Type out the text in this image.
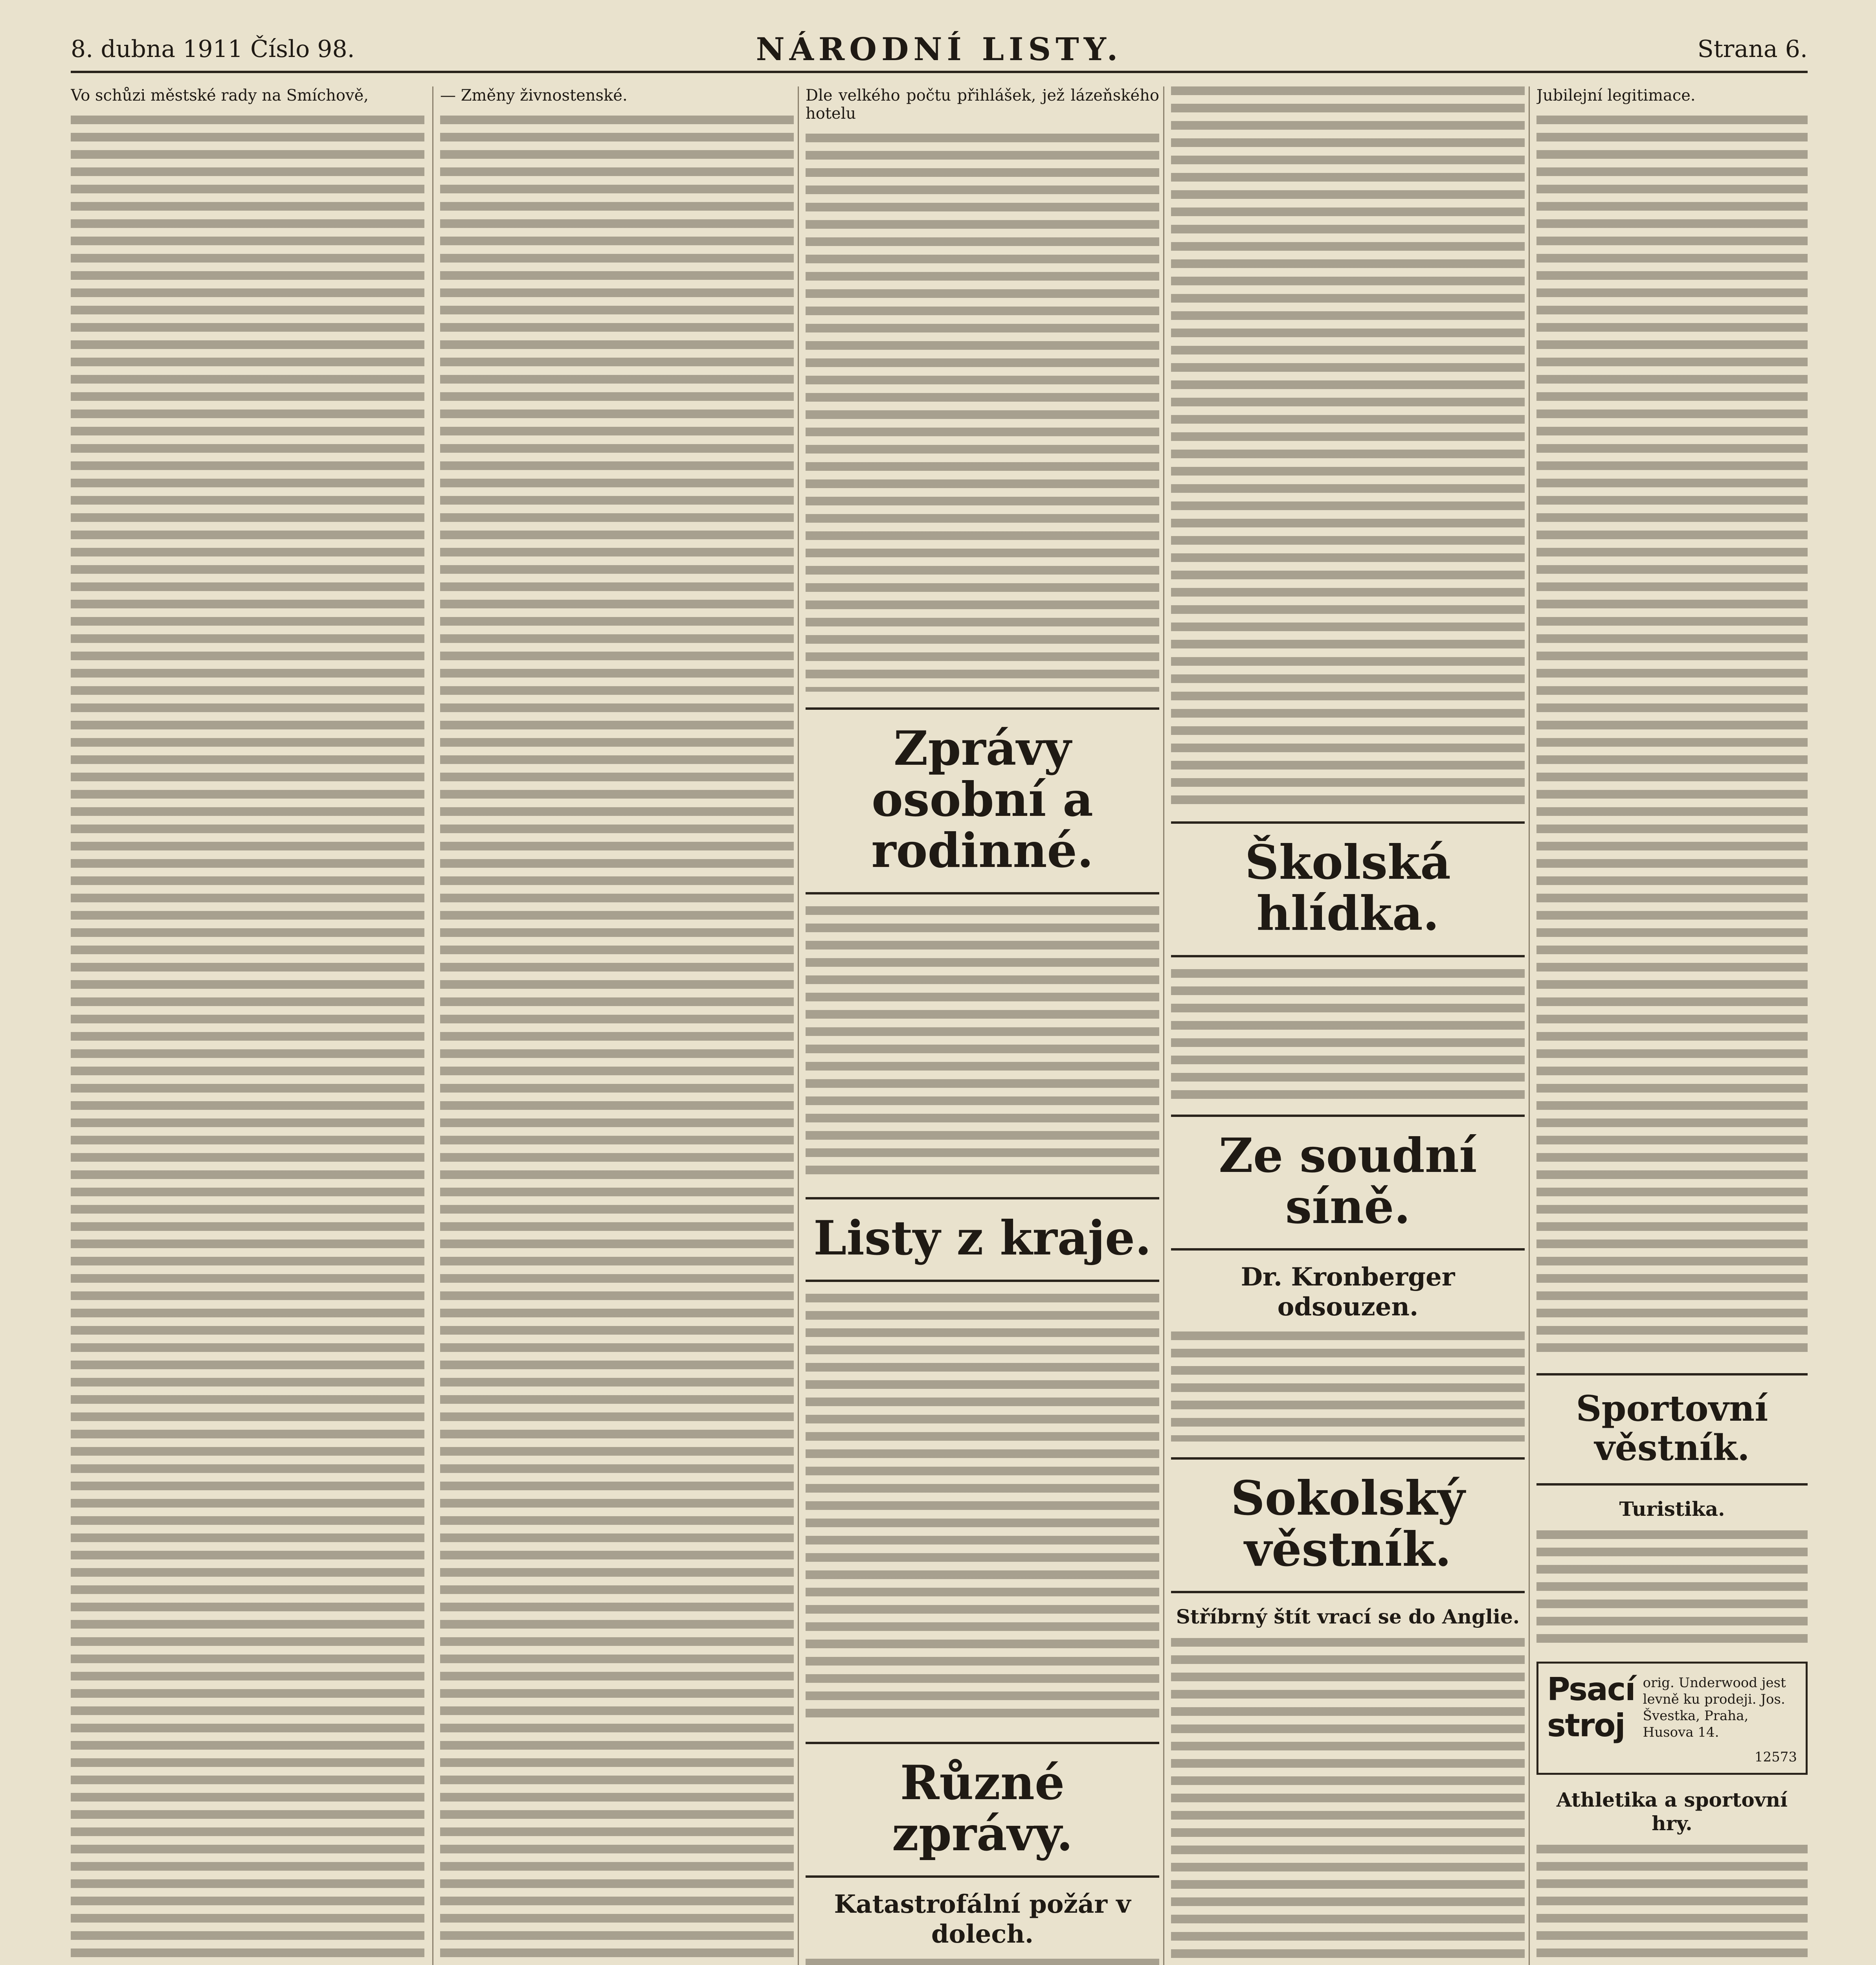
8. dubna 1911 Číslo 98.	NÁRODNÍ LISTY.	Strana 6.

Vo schůzi městské rady na Smíchově,	— Změny živnostenské.	Dle velkého počtu přihlášek, jež lázeňského hotelu

Zprávy osobní a rodinné.
Listy z kraje.
Různé zprávy.
Katastrofální požár v dolech.
Školská hlídka.
Ze soudní síně.
Dr. Kronberger odsouzen.
Sokolský věstník.
Stříbrný štít vrací se do Anglie.

Jubilejní legitimace.

Sportovní věstník.
Turistika.
Psací stroj
orig. Underwood jest levně ku prodeji. Jos. Švestka, Praha, Husova 14.
12573
Athletika a sportovní hry.
